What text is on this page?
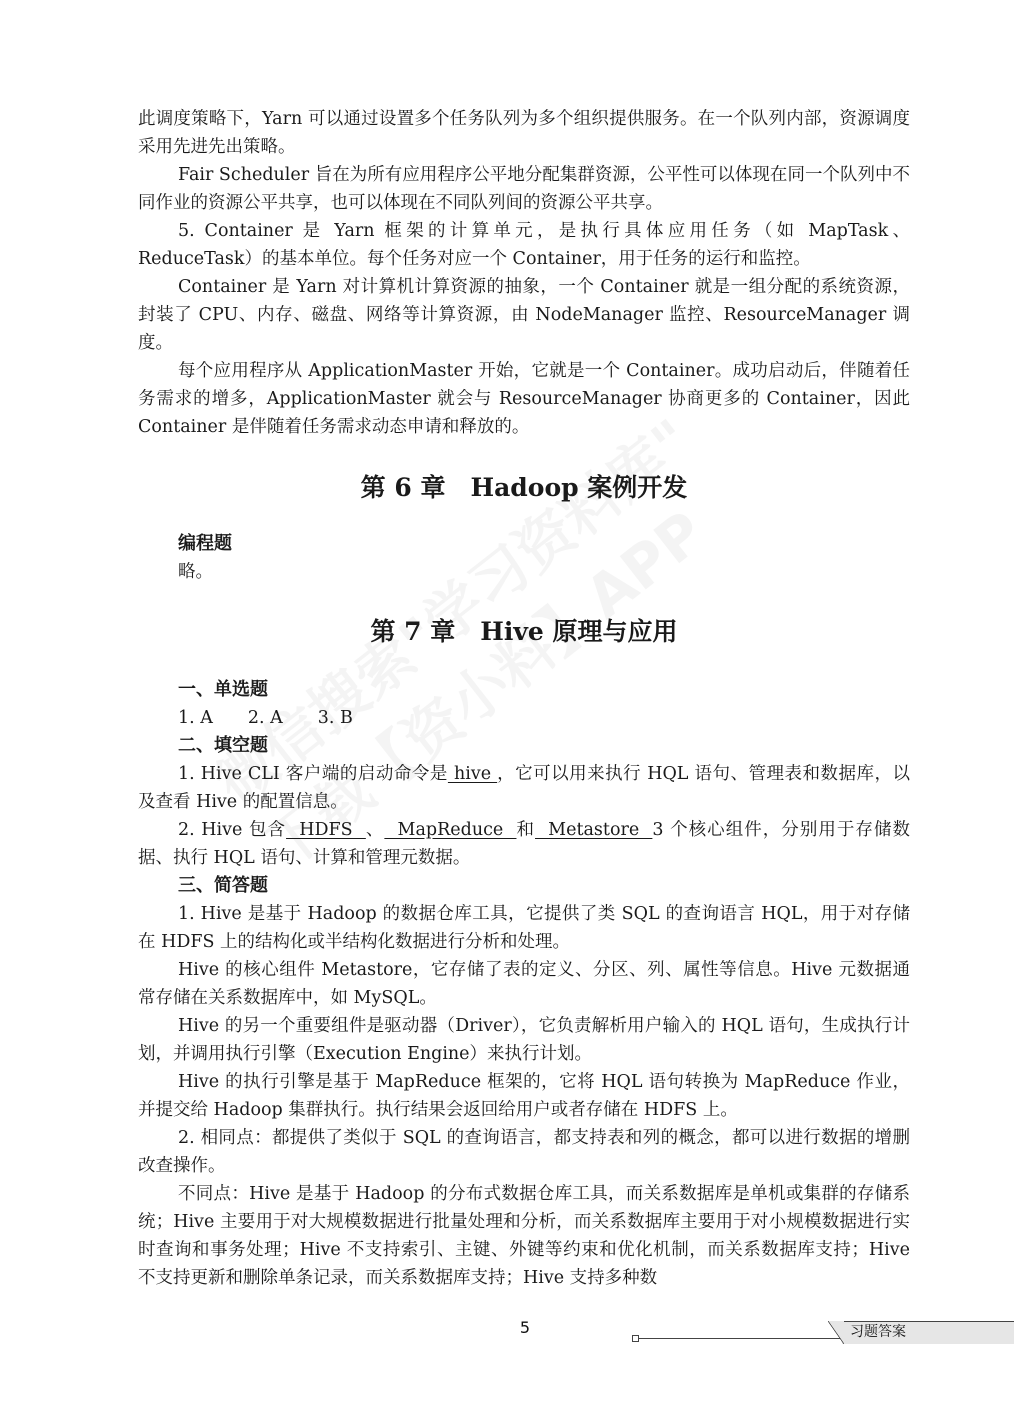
此调度策略下，Yarn 可以通过设置多个任务队列为多个组织提供服务。在一个队列内部，资源调度采用先进先出策略。

Fair Scheduler 旨在为所有应用程序公平地分配集群资源，公平性可以体现在同一个队列中不同作业的资源公平共享，也可以体现在不同队列间的资源公平共享。

5. Container 是 Yarn 框架的计算单元，是执行具体应用任务（如 MapTask、ReduceTask）的基本单位。每个任务对应一个 Container，用于任务的运行和监控。

Container 是 Yarn 对计算机计算资源的抽象，一个 Container 就是一组分配的系统资源，封装了 CPU、内存、磁盘、网络等计算资源，由 NodeManager 监控、ResourceManager 调度。

每个应用程序从 ApplicationMaster 开始，它就是一个 Container。成功启动后，伴随着任务需求的增多，ApplicationMaster 就会与 ResourceManager 协商更多的 Container，因此 Container 是伴随着任务需求动态申请和释放的。

第 6 章　Hadoop 案例开发
编程题

略。

第 7 章　Hive 原理与应用
一、单选题

1. A　　2. A　　3. B

二、填空题

1. Hive CLI 客户端的启动命令是 hive ，它可以用来执行 HQL 语句、管理表和数据库，以及查看 Hive 的配置信息。

2. Hive 包含  HDFS  、  MapReduce  和  Metastore  3 个核心组件，分别用于存储数据、执行 HQL 语句、计算和管理元数据。

三、简答题

1. Hive 是基于 Hadoop 的数据仓库工具，它提供了类 SQL 的查询语言 HQL，用于对存储在 HDFS 上的结构化或半结构化数据进行分析和处理。

Hive 的核心组件 Metastore，它存储了表的定义、分区、列、属性等信息。Hive 元数据通常存储在关系数据库中，如 MySQL。

Hive 的另一个重要组件是驱动器（Driver），它负责解析用户输入的 HQL 语句，生成执行计划，并调用执行引擎（Execution Engine）来执行计划。

Hive 的执行引擎是基于 MapReduce 框架的，它将 HQL 语句转换为 MapReduce 作业，并提交给 Hadoop 集群执行。执行结果会返回给用户或者存储在 HDFS 上。

2. 相同点：都提供了类似于 SQL 的查询语言，都支持表和列的概念，都可以进行数据的增删改查操作。

不同点：Hive 是基于 Hadoop 的分布式数据仓库工具，而关系数据库是单机或集群的存储系统；Hive 主要用于对大规模数据进行批量处理和分析，而关系数据库主要用于对小规模数据进行实时查询和事务处理；Hive 不支持索引、主键、外键等约束和优化机制，而关系数据库支持；Hive 不支持更新和删除单条记录，而关系数据库支持；Hive 支持多种数

5	习题答案
